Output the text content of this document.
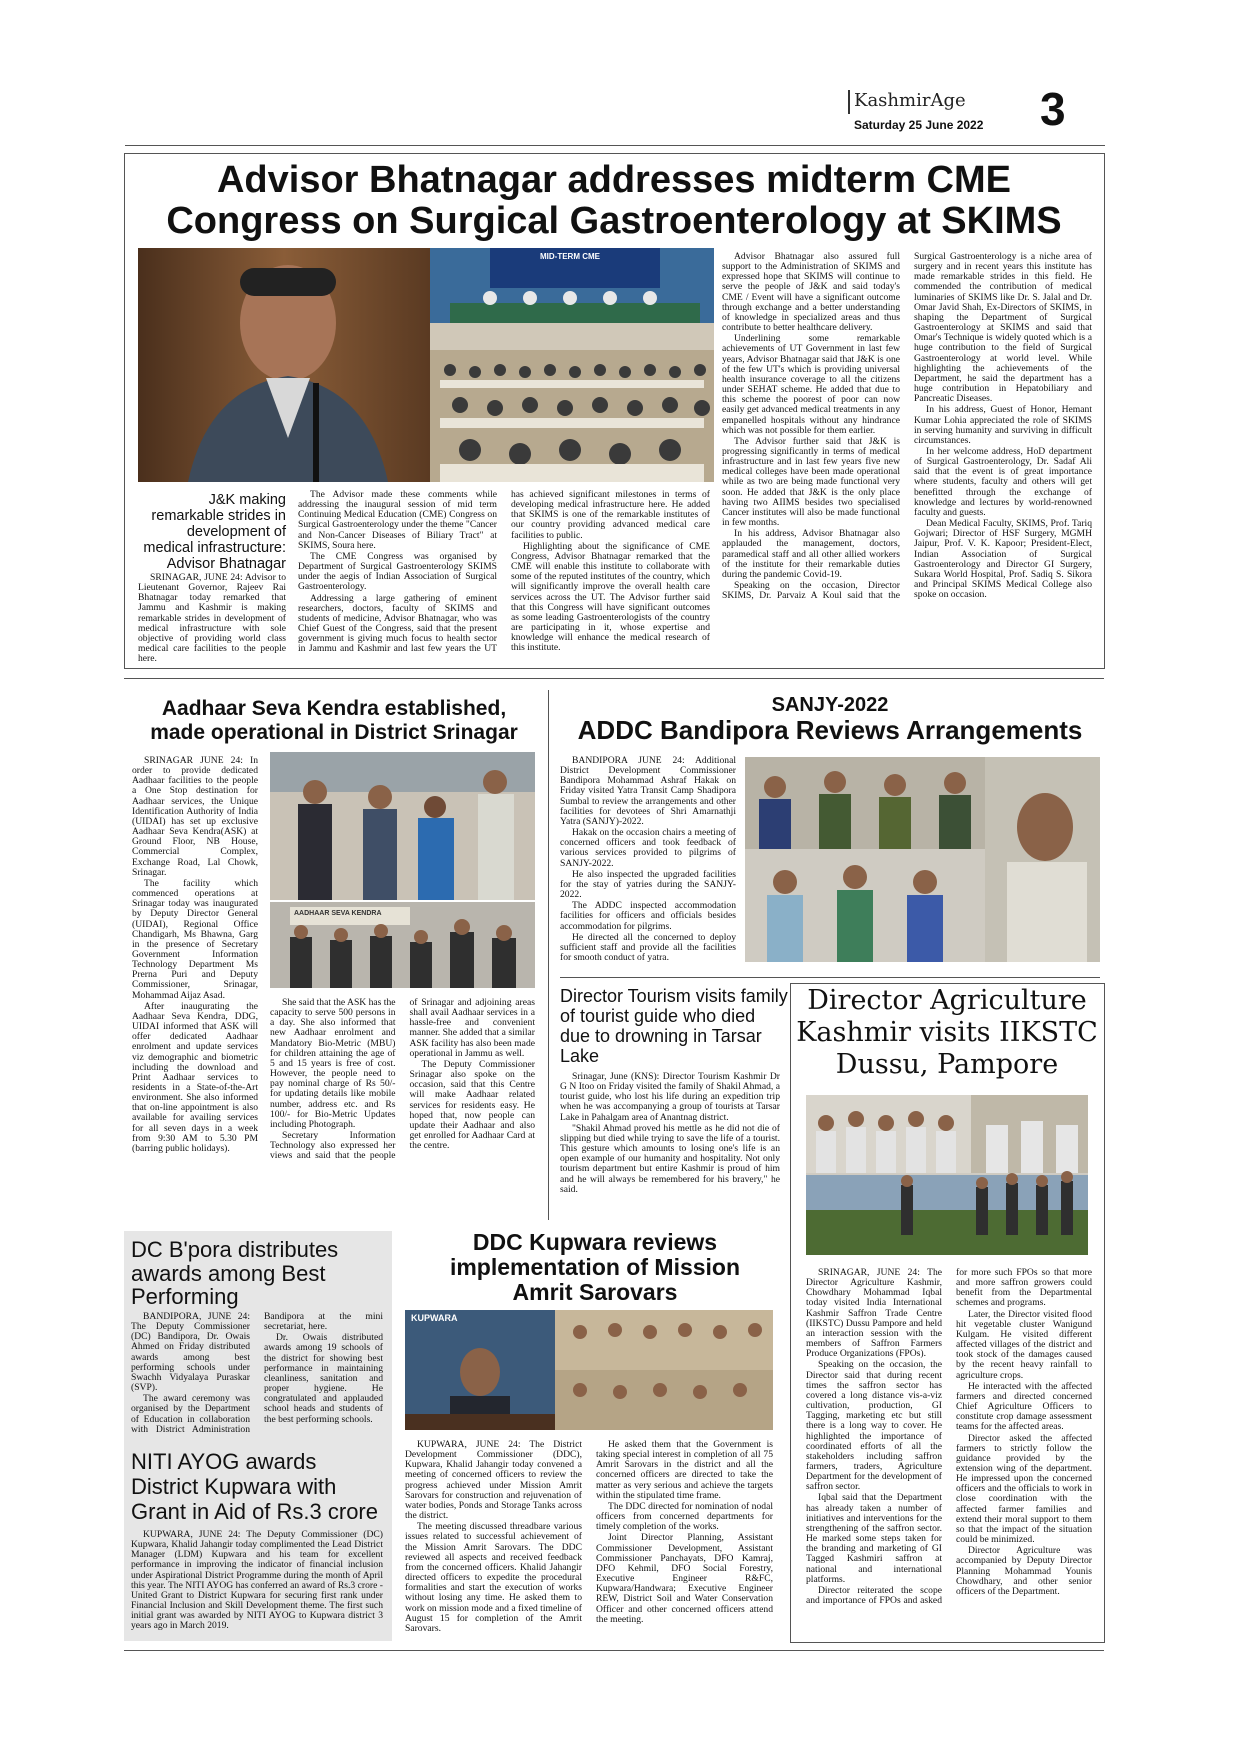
KashmirAge
Saturday 25 June 2022 3
Advisor Bhatnagar addresses midterm CME
Congress on Surgical Gastroenterology at SKIMS
MID-TERM CME
J&K making remarkable strides in development of medical infrastructure: Advisor Bhatnagar

SRINAGAR, JUNE 24: Advisor to Lieutenant Governor, Rajeev Rai Bhatnagar today remarked that Jammu and Kashmir is making remarkable strides in development of medical infrastructure with sole objective of providing world class medical care facilities to the people here.

The Advisor made these comments while addressing the inaugural session of mid term Continuing Medical Education (CME) Congress on Surgical Gastroenterology under the theme "Cancer and Non-Cancer Diseases of Biliary Tract" at SKIMS, Soura here.

The CME Congress was organised by Department of Surgical Gastroenterology SKIMS under the aegis of Indian Association of Surgical Gastroenterology.

Addressing a large gathering of eminent researchers, doctors, faculty of SKIMS and students of medicine, Advisor Bhatnagar, who was Chief Guest of the Congress, said that the present government is giving much focus to health sector in Jammu and Kashmir and last few years the UT has achieved significant milestones in terms of developing medical infrastructure here. He added that SKIMS is one of the remarkable institutes of our country providing advanced medical care facilities to public.

Highlighting about the significance of CME Congress, Advisor Bhatnagar remarked that the CME will enable this institute to collaborate with some of the reputed institutes of the country, which will significantly improve the overall health care services across the UT. The Advisor further said that this Congress will have significant outcomes as some leading Gastroenterologists of the country are participating in it, whose expertise and knowledge will enhance the medical research of this institute.

Advisor Bhatnagar also assured full support to the Administration of SKIMS and expressed hope that SKIMS will continue to serve the people of J&K and said today's CME / Event will have a significant outcome through exchange and a better understanding of knowledge in specialized areas and thus contribute to better healthcare delivery.

Underlining some remarkable achievements of UT Government in last few years, Advisor Bhatnagar said that J&K is one of the few UT's which is providing universal health insurance coverage to all the citizens under SEHAT scheme. He added that due to this scheme the poorest of poor can now easily get advanced medical treatments in any empanelled hospitals without any hindrance which was not possible for them earlier.

The Advisor further said that J&K is progressing significantly in terms of medical infrastructure and in last few years five new medical colleges have been made operational while as two are being made functional very soon. He added that J&K is the only place having two AIIMS besides two specialised Cancer institutes will also be made functional in few months.

In his address, Advisor Bhatnagar also applauded the management, doctors, paramedical staff and all other allied workers of the institute for their remarkable duties during the pandemic Covid-19.

Speaking on the occasion, Director SKIMS, Dr. Parvaiz A Koul said that the Surgical Gastroenterology is a niche area of surgery and in recent years this institute has made remarkable strides in this field. He commended the contribution of medical luminaries of SKIMS like Dr. S. Jalal and Dr. Omar Javid Shah, Ex-Directors of SKIMS, in shaping the Department of Surgical Gastroenterology at SKIMS and said that Omar's Technique is widely quoted which is a huge contribution to the field of Surgical Gastroenterology at world level. While highlighting the achievements of the Department, he said the department has a huge contribution in Hepatobiliary and Pancreatic Diseases.

In his address, Guest of Honor, Hemant Kumar Lohia appreciated the role of SKIMS in serving humanity and surviving in difficult circumstances.

In her welcome address, HoD department of Surgical Gastroenterology, Dr. Sadaf Ali said that the event is of great importance where students, faculty and others will get benefitted through the exchange of knowledge and lectures by world-renowned faculty and guests.

Dean Medical Faculty, SKIMS, Prof. Tariq Gojwari; Director of HSF Surgery, MGMH Jaipur, Prof. V. K. Kapoor; President-Elect, Indian Association of Surgical Gastroenterology and Director GI Surgery, Sukara World Hospital, Prof. Sadiq S. Sikora and Principal SKIMS Medical College also spoke on occasion.

Aadhaar Seva Kendra established,
made operational in District Srinagar
AADHAAR SEVA KENDRA

SRINAGAR JUNE 24: In order to provide dedicated Aadhaar facilities to the people a One Stop destination for Aadhaar services, the Unique Identification Authority of India (UIDAI) has set up exclusive Aadhaar Seva Kendra(ASK) at Ground Floor, NB House, Commercial Complex, Exchange Road, Lal Chowk, Srinagar.

The facility which commenced operations at Srinagar today was inaugurated by Deputy Director General (UIDAI), Regional Office Chandigarh, Ms Bhawna, Garg in the presence of Secretary Government Information Technology Department Ms Prerna Puri and Deputy Commissioner, Srinagar, Mohammad Aijaz Asad.

After inaugurating the Aadhaar Seva Kendra, DDG, UIDAI informed that ASK will offer dedicated Aadhaar enrolment and update services viz demographic and biometric including the download and Print Aadhaar services to residents in a State-of-the-Art environment. She also informed that on-line appointment is also available for availing services for all seven days in a week from 9:30 AM to 5.30 PM (barring public holidays).

She said that the ASK has the capacity to serve 500 persons in a day. She also informed that new Aadhaar enrolment and Mandatory Bio-Metric (MBU) for children attaining the age of 5 and 15 years is free of cost. However, the people need to pay nominal charge of Rs 50/- for updating details like mobile number, address etc. and Rs 100/- for Bio-Metric Updates including Photograph.

Secretary Information Technology also expressed her views and said that the people of Srinagar and adjoining areas shall avail Aadhaar services in a hassle-free and convenient manner. She added that a similar ASK facility has also been made operational in Jammu as well.

The Deputy Commissioner Srinagar also spoke on the occasion, said that this Centre will make Aadhaar related services for residents easy. He hoped that, now people can update their Aadhaar and also get enrolled for Aadhaar Card at the centre.

SANJY-2022
ADDC Bandipora Reviews Arrangements

BANDIPORA JUNE 24: Additional District Development Commissioner Bandipora Mohammad Ashraf Hakak on Friday visited Yatra Transit Camp Shadipora Sumbal to review the arrangements and other facilities for devotees of Shri Amarnathji Yatra (SANJY)-2022.

Hakak on the occasion chairs a meeting of concerned officers and took feedback of various services provided to pilgrims of SANJY-2022.

He also inspected the upgraded facilities for the stay of yatries during the SANJY-2022.

The ADDC inspected accommodation facilities for officers and officials besides accommodation for pilgrims.

He directed all the concerned to deploy sufficient staff and provide all the facilities for smooth conduct of yatra.

Director Tourism visits family of tourist guide who died due to drowning in Tarsar Lake

Srinagar, June (KNS): Director Tourism Kashmir Dr G N Itoo on Friday visited the family of Shakil Ahmad, a tourist guide, who lost his life during an expedition trip when he was accompanying a group of tourists at Tarsar Lake in Pahalgam area of Anantnag district.

"Shakil Ahmad proved his mettle as he did not die of slipping but died while trying to save the life of a tourist. This gesture which amounts to losing one's life is an open example of our humanity and hospitality. Not only tourism department but entire Kashmir is proud of him and he will always be remembered for his bravery," he said.

Director Agriculture
Kashmir visits IIKSTC
Dussu, Pampore

SRINAGAR, JUNE 24: The Director Agriculture Kashmir, Chowdhary Mohammad Iqbal today visited India International Kashmir Saffron Trade Centre (IIKSTC) Dussu Pampore and held an interaction session with the members of Saffron Farmers Produce Organizations (FPOs).

Speaking on the occasion, the Director said that during recent times the saffron sector has covered a long distance vis-a-viz cultivation, production, GI Tagging, marketing etc but still there is a long way to cover. He highlighted the importance of coordinated efforts of all the stakeholders including saffron farmers, traders, Agriculture Department for the development of saffron sector.

Iqbal said that the Department has already taken a number of initiatives and interventions for the strengthening of the saffron sector. He marked some steps taken for the branding and marketing of GI Tagged Kashmiri saffron at national and international platforms.

Director reiterated the scope and importance of FPOs and asked for more such FPOs so that more and more saffron growers could benefit from the Departmental schemes and programs.

Later, the Director visited flood hit vegetable cluster Wanigund Kulgam. He visited different affected villages of the district and took stock of the damages caused by the recent heavy rainfall to agriculture crops.

He interacted with the affected farmers and directed concerned Chief Agriculture Officers to constitute crop damage assessment teams for the affected areas.

Director asked the affected farmers to strictly follow the guidance provided by the extension wing of the department. He impressed upon the concerned officers and the officials to work in close coordination with the affected farmer families and extend their moral support to them so that the impact of the situation could be minimized.

Director Agriculture was accompanied by Deputy Director Planning Mohammad Younis Chowdhary, and other senior officers of the Department.

DC B'pora distributes awards among Best Performing

BANDIPORA, JUNE 24: The Deputy Commissioner (DC) Bandipora, Dr. Owais Ahmed on Friday distributed awards among best performing schools under Swachh Vidyalaya Puraskar (SVP).

The award ceremony was organised by the Department of Education in collaboration with District Administration Bandipora at the mini secretariat, here.

Dr. Owais distributed awards among 19 schools of the district for showing best performance in maintaining cleanliness, sanitation and proper hygiene. He congratulated and applauded school heads and students of the best performing schools.

NITI AYOG awards District Kupwara with Grant in Aid of Rs.3 crore

KUPWARA, JUNE 24: The Deputy Commissioner (DC) Kupwara, Khalid Jahangir today complimented the Lead District Manager (LDM) Kupwara and his team for excellent performance in improving the indicator of financial inclusion under Aspirational District Programme during the month of April this year. The NITI AYOG has conferred an award of Rs.3 crore - United Grant to District Kupwara for securing first rank under Financial Inclusion and Skill Development theme. The first such initial grant was awarded by NITI AYOG to Kupwara district 3 years ago in March 2019.

DDC Kupwara reviews
implementation of Mission
Amrit Sarovars
KUPWARA

KUPWARA, JUNE 24: The District Development Commissioner (DDC), Kupwara, Khalid Jahangir today convened a meeting of concerned officers to review the progress achieved under Mission Amrit Sarovars for construction and rejuvenation of water bodies, Ponds and Storage Tanks across the district.

The meeting discussed threadbare various issues related to successful achievement of the Mission Amrit Sarovars. The DDC reviewed all aspects and received feedback from the concerned officers. Khalid Jahangir directed officers to expedite the procedural formalities and start the execution of works without losing any time. He asked them to work on mission mode and a fixed timeline of August 15 for completion of the Amrit Sarovars.

He asked them that the Government is taking special interest in completion of all 75 Amrit Sarovars in the district and all the concerned officers are directed to take the matter as very serious and achieve the targets within the stipulated time frame.

The DDC directed for nomination of nodal officers from concerned departments for timely completion of the works.

Joint Director Planning, Assistant Commissioner Development, Assistant Commissioner Panchayats, DFO Kamraj, DFO Kehmil, DFO Social Forestry, Executive Engineer R&FC, Kupwara/Handwara; Executive Engineer REW, District Soil and Water Conservation Officer and other concerned officers attend the meeting.
